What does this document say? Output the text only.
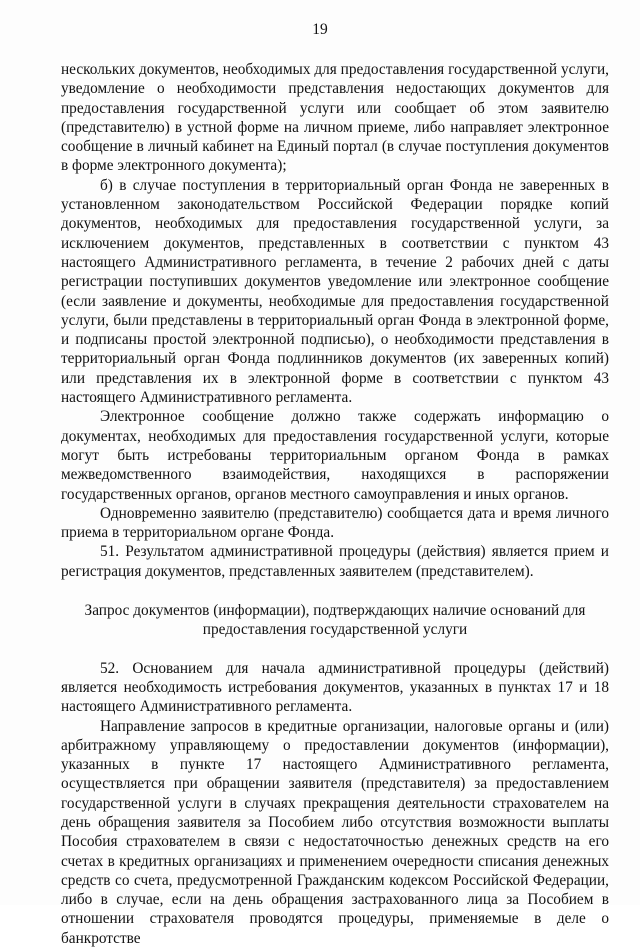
19

нескольких документов, необходимых для предоставления государственной услуги, уведомление о необходимости представления недостающих документов для предоставления государственной услуги или сообщает об этом заявителю (представителю) в устной форме на личном приеме, либо направляет электронное сообщение в личный кабинет на Единый портал (в случае поступления документов в форме электронного документа);

б) в случае поступления в территориальный орган Фонда не заверенных в установленном законодательством Российской Федерации порядке копий документов, необходимых для предоставления государственной услуги, за исключением документов, представленных в соответствии с пунктом 43 настоящего Административного регламента, в течение 2 рабочих дней с даты регистрации поступивших документов уведомление или электронное сообщение (если заявление и документы, необходимые для предоставления государственной услуги, были представлены в территориальный орган Фонда в электронной форме, и подписаны простой электронной подписью), о необходимости представления в территориальный орган Фонда подлинников документов (их заверенных копий) или представления их в электронной форме в соответствии с пунктом 43 настоящего Административного регламента.

Электронное сообщение должно также содержать информацию о документах, необходимых для предоставления государственной услуги, которые могут быть истребованы территориальным органом Фонда в рамках межведомственного взаимодействия, находящихся в распоряжении государственных органов, органов местного самоуправления и иных органов.

Одновременно заявителю (представителю) сообщается дата и время личного приема в территориальном органе Фонда.

51. Результатом административной процедуры (действия) является прием и регистрация документов, представленных заявителем (представителем).

Запрос документов (информации), подтверждающих наличие оснований для предоставления государственной услуги

52. Основанием для начала административной процедуры (действий) является необходимость истребования документов, указанных в пунктах 17 и 18 настоящего Административного регламента.

Направление запросов в кредитные организации, налоговые органы и (или) арбитражному управляющему о предоставлении документов (информации), указанных в пункте 17 настоящего Административного регламента, осуществляется при обращении заявителя (представителя) за предоставлением государственной услуги в случаях прекращения деятельности страхователем на день обращения заявителя за Пособием либо отсутствия возможности выплаты Пособия страхователем в связи с недостаточностью денежных средств на его счетах в кредитных организациях и применением очередности списания денежных средств со счета, предусмотренной Гражданским кодексом Российской Федерации, либо в случае, если на день обращения застрахованного лица за Пособием в отношении страхователя проводятся процедуры, применяемые в деле о банкротстве
